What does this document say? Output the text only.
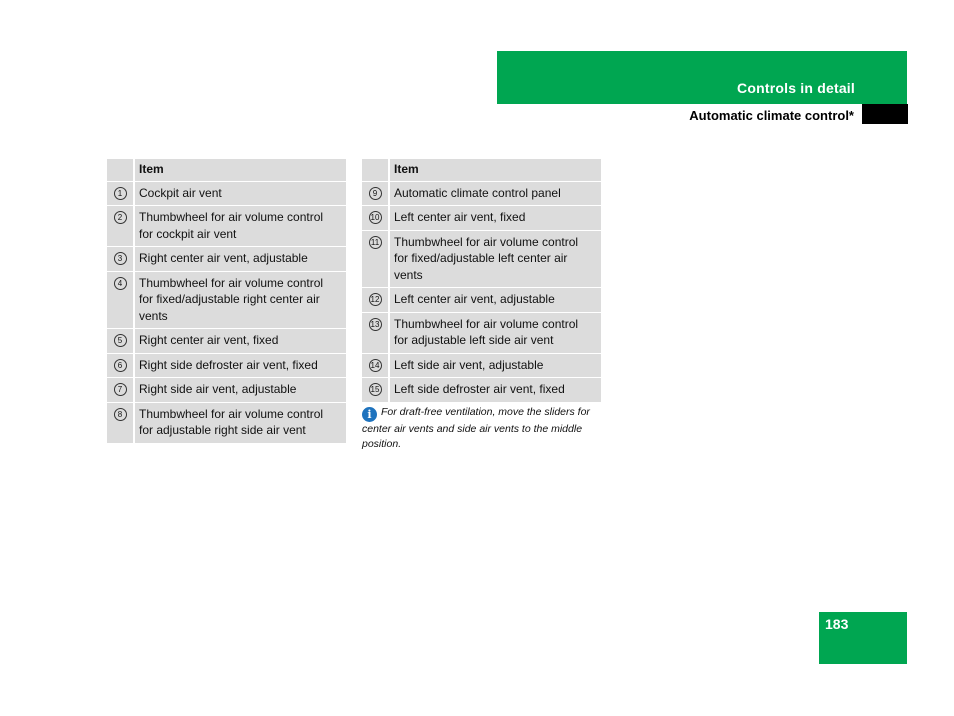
Controls in detail
Automatic climate control*

	Item

1	Cockpit air vent

2	Thumbwheel for air volume control for cockpit air vent

3	Right center air vent, adjustable

4	Thumbwheel for air volume control for fixed/adjustable right center air vents

5	Right center air vent, fixed

6	Right side defroster air vent, fixed

7	Right side air vent, adjustable

8	Thumbwheel for air volume control for adjustable right side air vent

	Item

9	Automatic climate control panel

10	Left center air vent, fixed

11	Thumbwheel for air volume control for fixed/adjustable left center air vents

12	Left center air vent, adjustable

13	Thumbwheel for air volume control for adjustable left side air vent

14	Left side air vent, adjustable

15	Left side defroster air vent, fixed
i For draft-free ventilation, move the sliders for center air vents and side air vents to the middle position.
183
